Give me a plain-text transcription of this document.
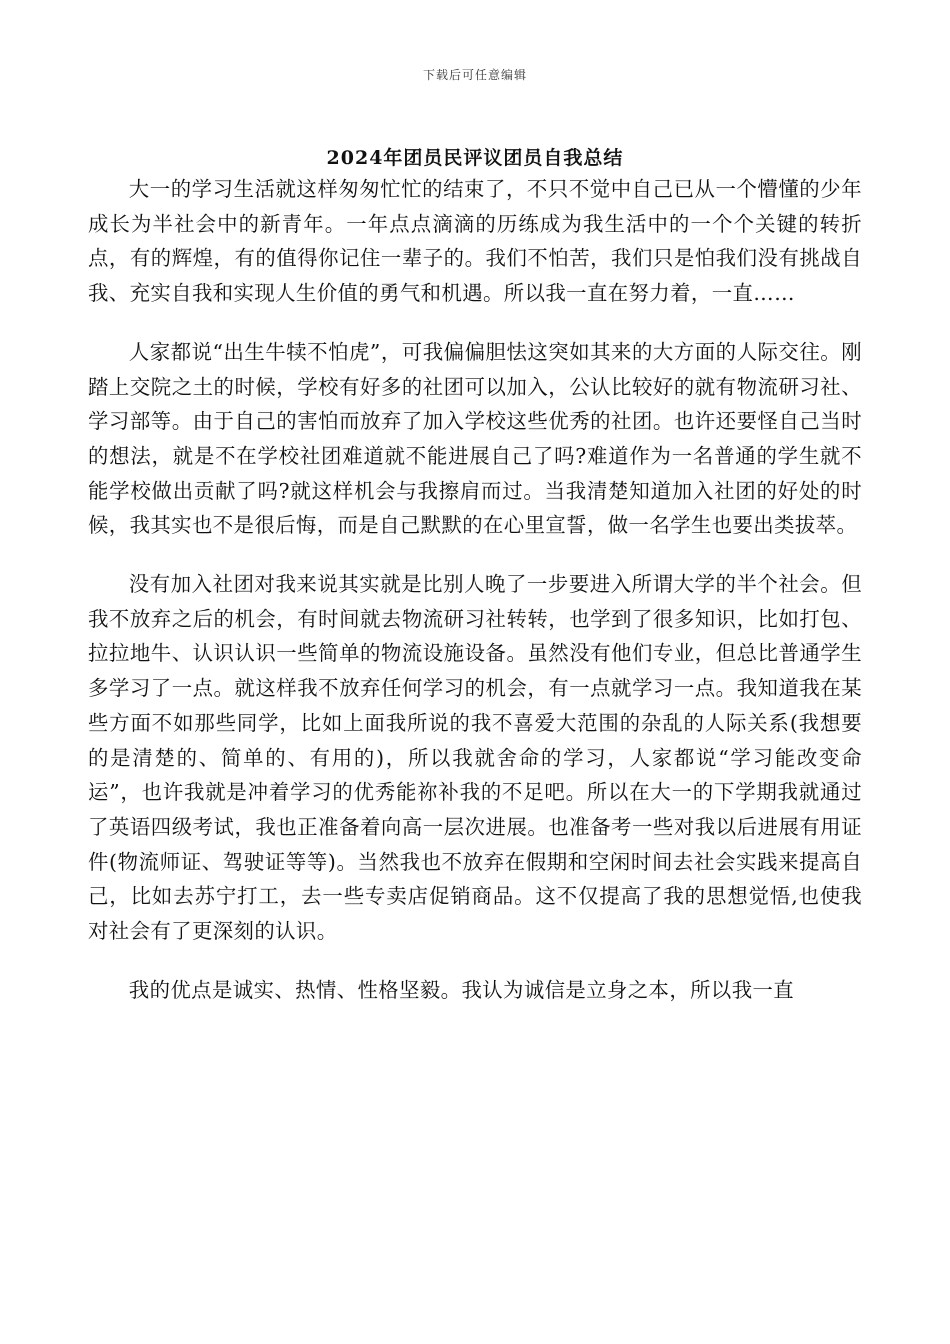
下载后可任意编辑
2024年团员民评议团员自我总结

大一的学习生活就这样匆匆忙忙的结束了，不只不觉中自己已从一个懵懂的少年成长为半社会中的新青年。一年点点滴滴的历练成为我生活中的一个个关键的转折点，有的辉煌，有的值得你记住一辈子的。我们不怕苦，我们只是怕我们没有挑战自我、充实自我和实现人生价值的勇气和机遇。所以我一直在努力着，一直……

人家都说“出生牛犊不怕虎”，可我偏偏胆怯这突如其来的大方面的人际交往。刚踏上交院之土的时候，学校有好多的社团可以加入，公认比较好的就有物流研习社、学习部等。由于自己的害怕而放弃了加入学校这些优秀的社团。也许还要怪自己当时的想法，就是不在学校社团难道就不能进展自己了吗?难道作为一名普通的学生就不能学校做出贡献了吗?就这样机会与我擦肩而过。当我清楚知道加入社团的好处的时候，我其实也不是很后悔，而是自己默默的在心里宣誓，做一名学生也要出类拔萃。

没有加入社团对我来说其实就是比别人晚了一步要进入所谓大学的半个社会。但我不放弃之后的机会，有时间就去物流研习社转转，也学到了很多知识，比如打包、拉拉地牛、认识认识一些简单的物流设施设备。虽然没有他们专业，但总比普通学生多学习了一点。就这样我不放弃任何学习的机会，有一点就学习一点。我知道我在某些方面不如那些同学，比如上面我所说的我不喜爱大范围的杂乱的人际关系(我想要的是清楚的、简单的、有用的)，所以我就舍命的学习，人家都说“学习能改变命运”，也许我就是冲着学习的优秀能祢补我的不足吧。所以在大一的下学期我就通过了英语四级考试，我也正准备着向高一层次进展。也准备考一些对我以后进展有用证件(物流师证、驾驶证等等)。当然我也不放弃在假期和空闲时间去社会实践来提高自己，比如去苏宁打工，去一些专卖店促销商品。这不仅提高了我的思想觉悟,也使我对社会有了更深刻的认识。

我的优点是诚实、热情、性格坚毅。我认为诚信是立身之本，所以我一直
